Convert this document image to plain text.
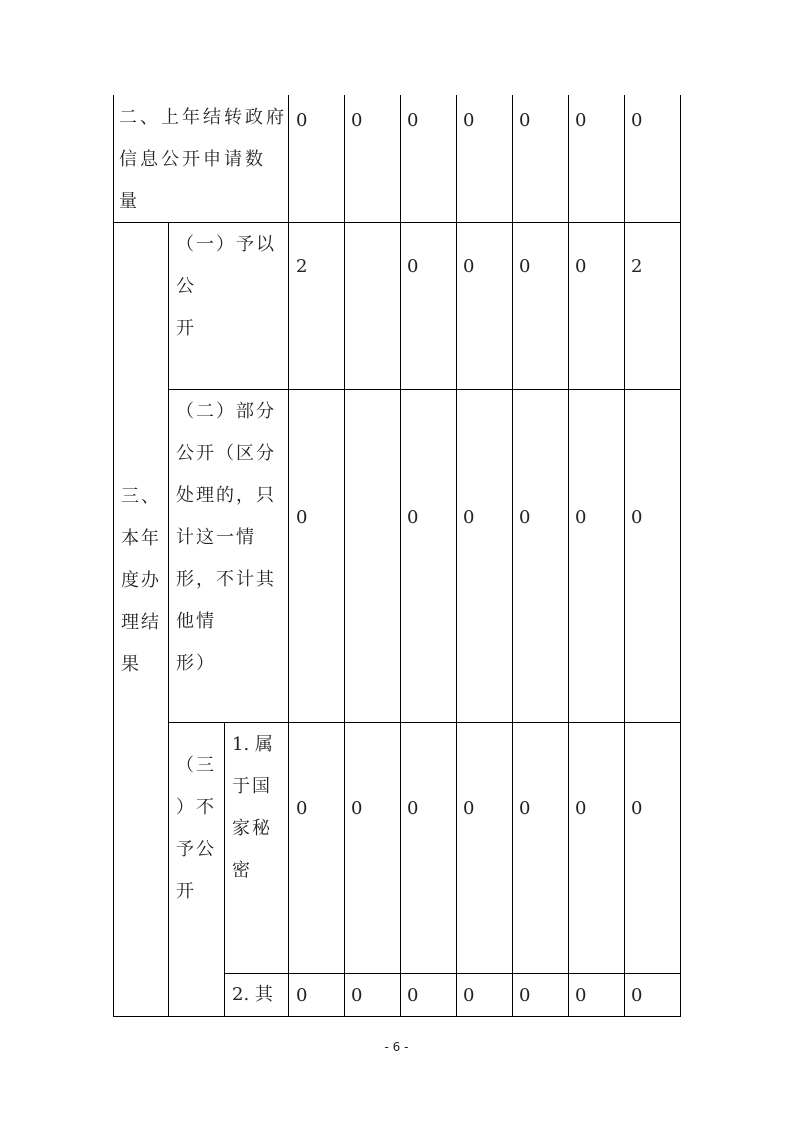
二、上年结转政府
信息公开申请数
量
0 0 0 0 0 0 0
三、
本年
度办
理结
果
（一）予以
公
开
2	0 0 0 0 2
（二）部分
公开（区分
处理的，只
计这一情
形，不计其
他情
形）
0	0 0 0 0 0
（三
）不
予公
开
1. 属
于国
家秘
密
0 0 0 0 0 0 0
2. 其 0 0 0 0 0 0 0
- 6 -
